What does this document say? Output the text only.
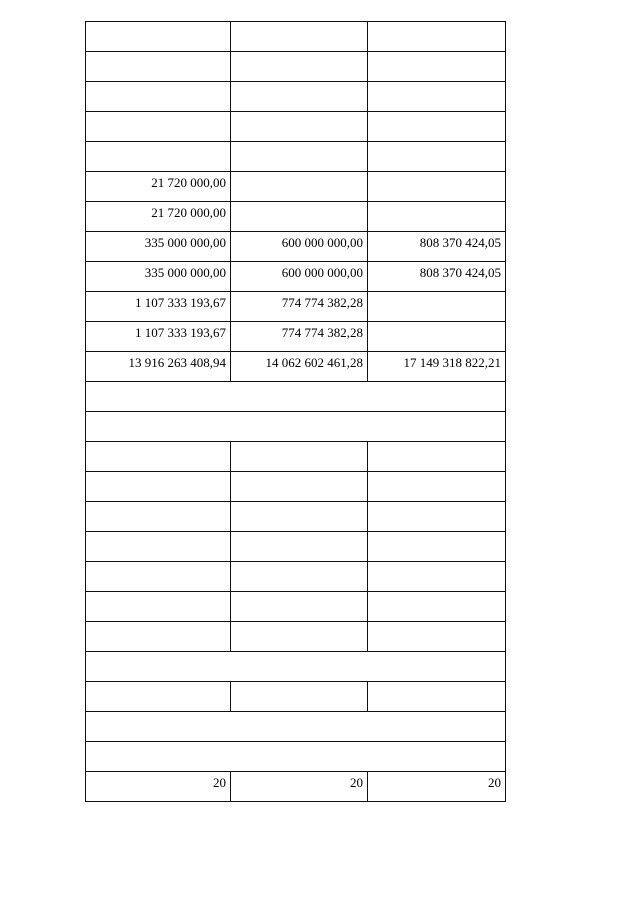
21 720 000,00		
21 720 000,00		
335 000 000,00	600 000 000,00	808 370 424,05
335 000 000,00	600 000 000,00	808 370 424,05
1 107 333 193,67	774 774 382,28	
1 107 333 193,67	774 774 382,28	
13 916 263 408,94	14 062 602 461,28	17 149 318 822,21

20	20	20
